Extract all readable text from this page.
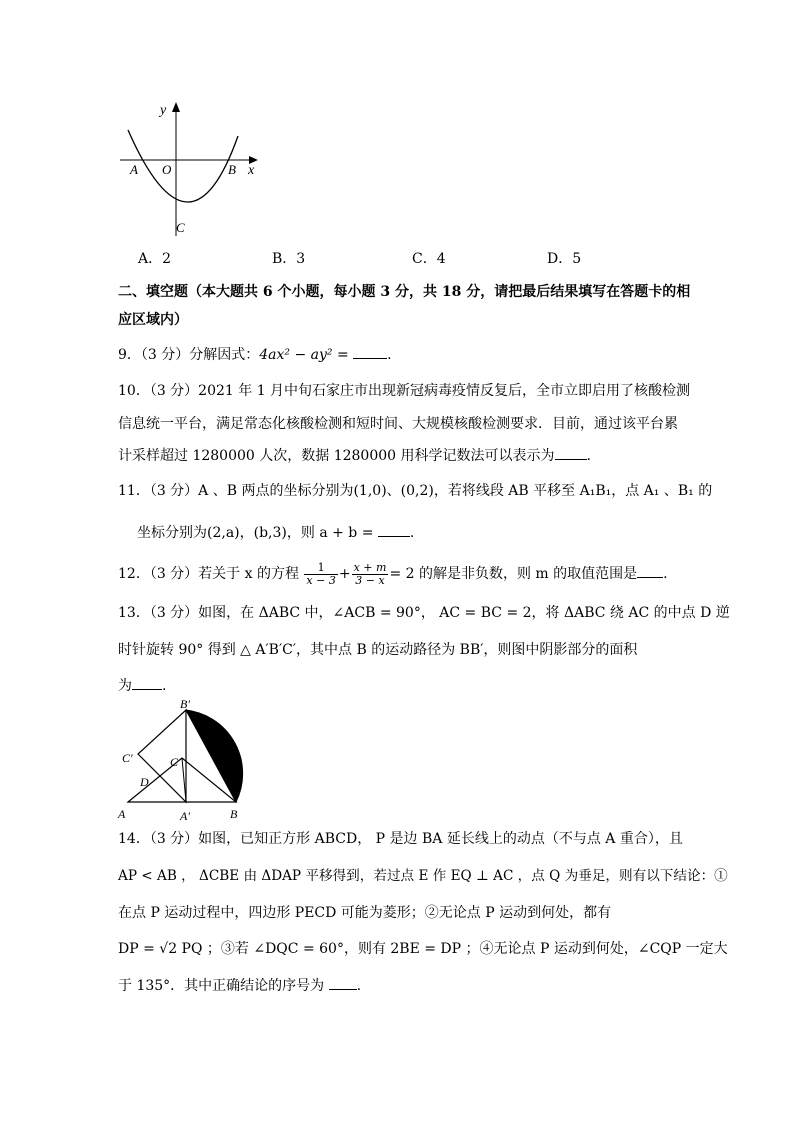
y
x
A O	B
C
A．2	B．3	C．4	D．5
二、填空题（本大题共 6 个小题，每小题 3 分，共 18 分，请把最后结果填写在答题卡的相
应区域内）
9．（3 分）分解因式：4ax² − ay² =	.
10．（3 分）2021 年 1 月中旬石家庄市出现新冠病毒疫情反复后，全市立即启用了核酸检测
信息统一平台，满足常态化核酸检测和短时间、大规模核酸检测要求．目前，通过该平台累
计采样超过 1280000 人次，数据 1280000 用科学记数法可以表示为 .
11．（3 分）A 、B 两点的坐标分别为(1,0)、(0,2)，若将线段 AB 平移至 A₁B₁，点 A₁ 、B₁ 的
坐标分别为(2,a)，(b,3)，则 a + b =	.
12．（3 分）若关于 x 的方程 $\frac{1}{x - 3} + \frac{x + m}{3 - x} = 2$ 的解是非负数，则 m 的取值范围是 .
13．（3 分）如图，在 ΔABC 中，∠ACB = 90°， AC = BC = 2，将 ΔABC 绕 AC 的中点 D 逆
时针旋转 90° 得到 △ A′B′C′，其中点 B 的运动路径为 BB′，则图中阴影部分的面积
为 .
B′
C′	C
D
A	A′	B
14．（3 分）如图，已知正方形 ABCD， P 是边 BA 延长线上的动点（不与点 A 重合），且
AP < AB ， ΔCBE 由 ΔDAP 平移得到，若过点 E 作 EQ ⊥ AC ，点 Q 为垂足，则有以下结论：①
在点 P 运动过程中，四边形 PECD 可能为菱形；②无论点 P 运动到何处，都有
DP = √2 PQ ；③若 ∠DQC = 60°，则有 2BE = DP ；④无论点 P 运动到何处，∠CQP 一定大
于 135°．其中正确结论的序号为 .
